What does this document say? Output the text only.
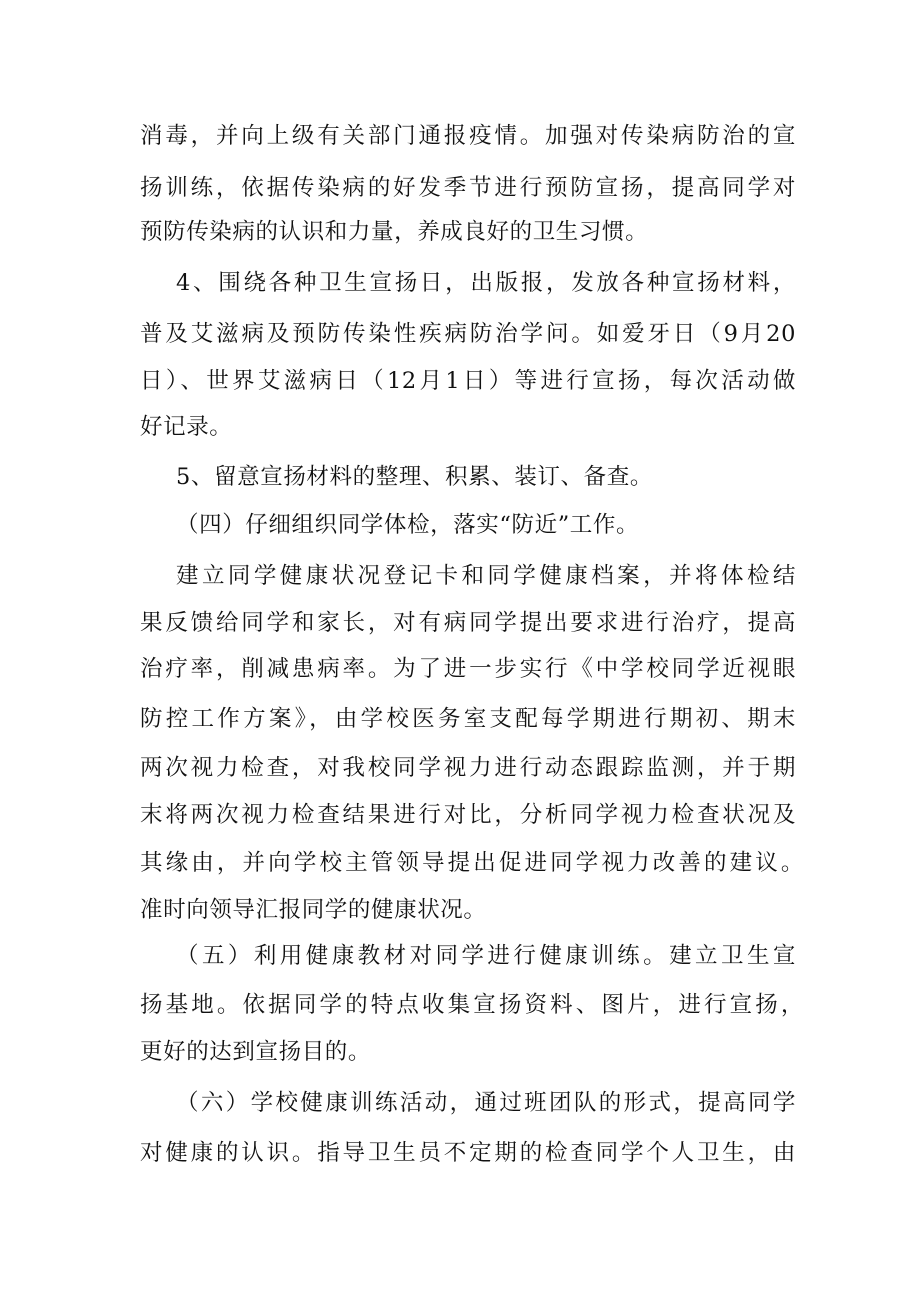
消毒，并向上级有关部门通报疫情。加强对传染病防治的宣
扬训练，依据传染病的好发季节进行预防宣扬，提高同学对
预防传染病的认识和力量，养成良好的卫生习惯。
4、围绕各种卫生宣扬日，出版报，发放各种宣扬材料，
普及艾滋病及预防传染性疾病防治学问。如爱牙日（9月20
日）、世界艾滋病日（12月1日）等进行宣扬，每次活动做
好记录。
5、留意宣扬材料的整理、积累、装订、备查。
（四）仔细组织同学体检，落实“防近”工作。
建立同学健康状况登记卡和同学健康档案，并将体检结
果反馈给同学和家长，对有病同学提出要求进行治疗，提高
治疗率，削减患病率。为了进一步实行《中学校同学近视眼
防控工作方案》，由学校医务室支配每学期进行期初、期末
两次视力检查，对我校同学视力进行动态跟踪监测，并于期
末将两次视力检查结果进行对比，分析同学视力检查状况及
其缘由，并向学校主管领导提出促进同学视力改善的建议。
准时向领导汇报同学的健康状况。
（五）利用健康教材对同学进行健康训练。建立卫生宣
扬基地。依据同学的特点收集宣扬资料、图片，进行宣扬，
更好的达到宣扬目的。
（六）学校健康训练活动，通过班团队的形式，提高同学
对健康的认识。指导卫生员不定期的检查同学个人卫生，由
